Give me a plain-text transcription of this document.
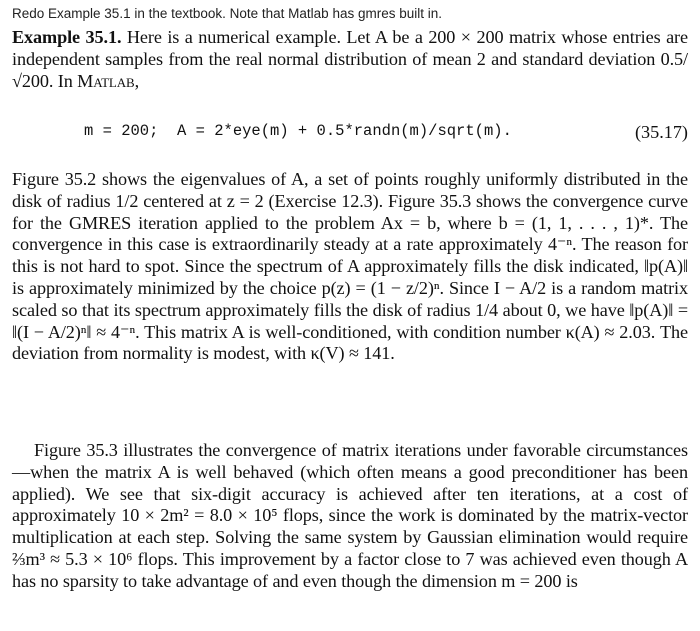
Redo Example 35.1 in the textbook. Note that Matlab has gmres built in.

Example 35.1. Here is a numerical example. Let A be a 200 × 200 matrix whose entries are independent samples from the real normal distribution of mean 2 and standard deviation 0.5/√200. In Matlab,

m = 200;  A = 2*eye(m) + 0.5*randn(m)/sqrt(m).	(35.17)

Figure 35.2 shows the eigenvalues of A, a set of points roughly uniformly distributed in the disk of radius 1/2 centered at z = 2 (Exercise 12.3). Figure 35.3 shows the convergence curve for the GMRES iteration applied to the problem Ax = b, where b = (1, 1, . . . , 1)*. The convergence in this case is extraordinarily steady at a rate approximately 4⁻ⁿ. The reason for this is not hard to spot. Since the spectrum of A approximately fills the disk indicated, ‖p(A)‖ is approximately minimized by the choice p(z) = (1 − z/2)ⁿ. Since I − A/2 is a random matrix scaled so that its spectrum approximately fills the disk of radius 1/4 about 0, we have ‖p(A)‖ = ‖(I − A/2)ⁿ‖ ≈ 4⁻ⁿ. This matrix A is well-conditioned, with condition number κ(A) ≈ 2.03. The deviation from normality is modest, with κ(V) ≈ 141.

Figure 35.3 illustrates the convergence of matrix iterations under favorable circumstances—when the matrix A is well behaved (which often means a good preconditioner has been applied). We see that six-digit accuracy is achieved after ten iterations, at a cost of approximately 10 × 2m² = 8.0 × 10⁵ flops, since the work is dominated by the matrix-vector multiplication at each step. Solving the same system by Gaussian elimination would require ⅔m³ ≈ 5.3 × 10⁶ flops. This improvement by a factor close to 7 was achieved even though A has no sparsity to take advantage of and even though the dimension m = 200 is
